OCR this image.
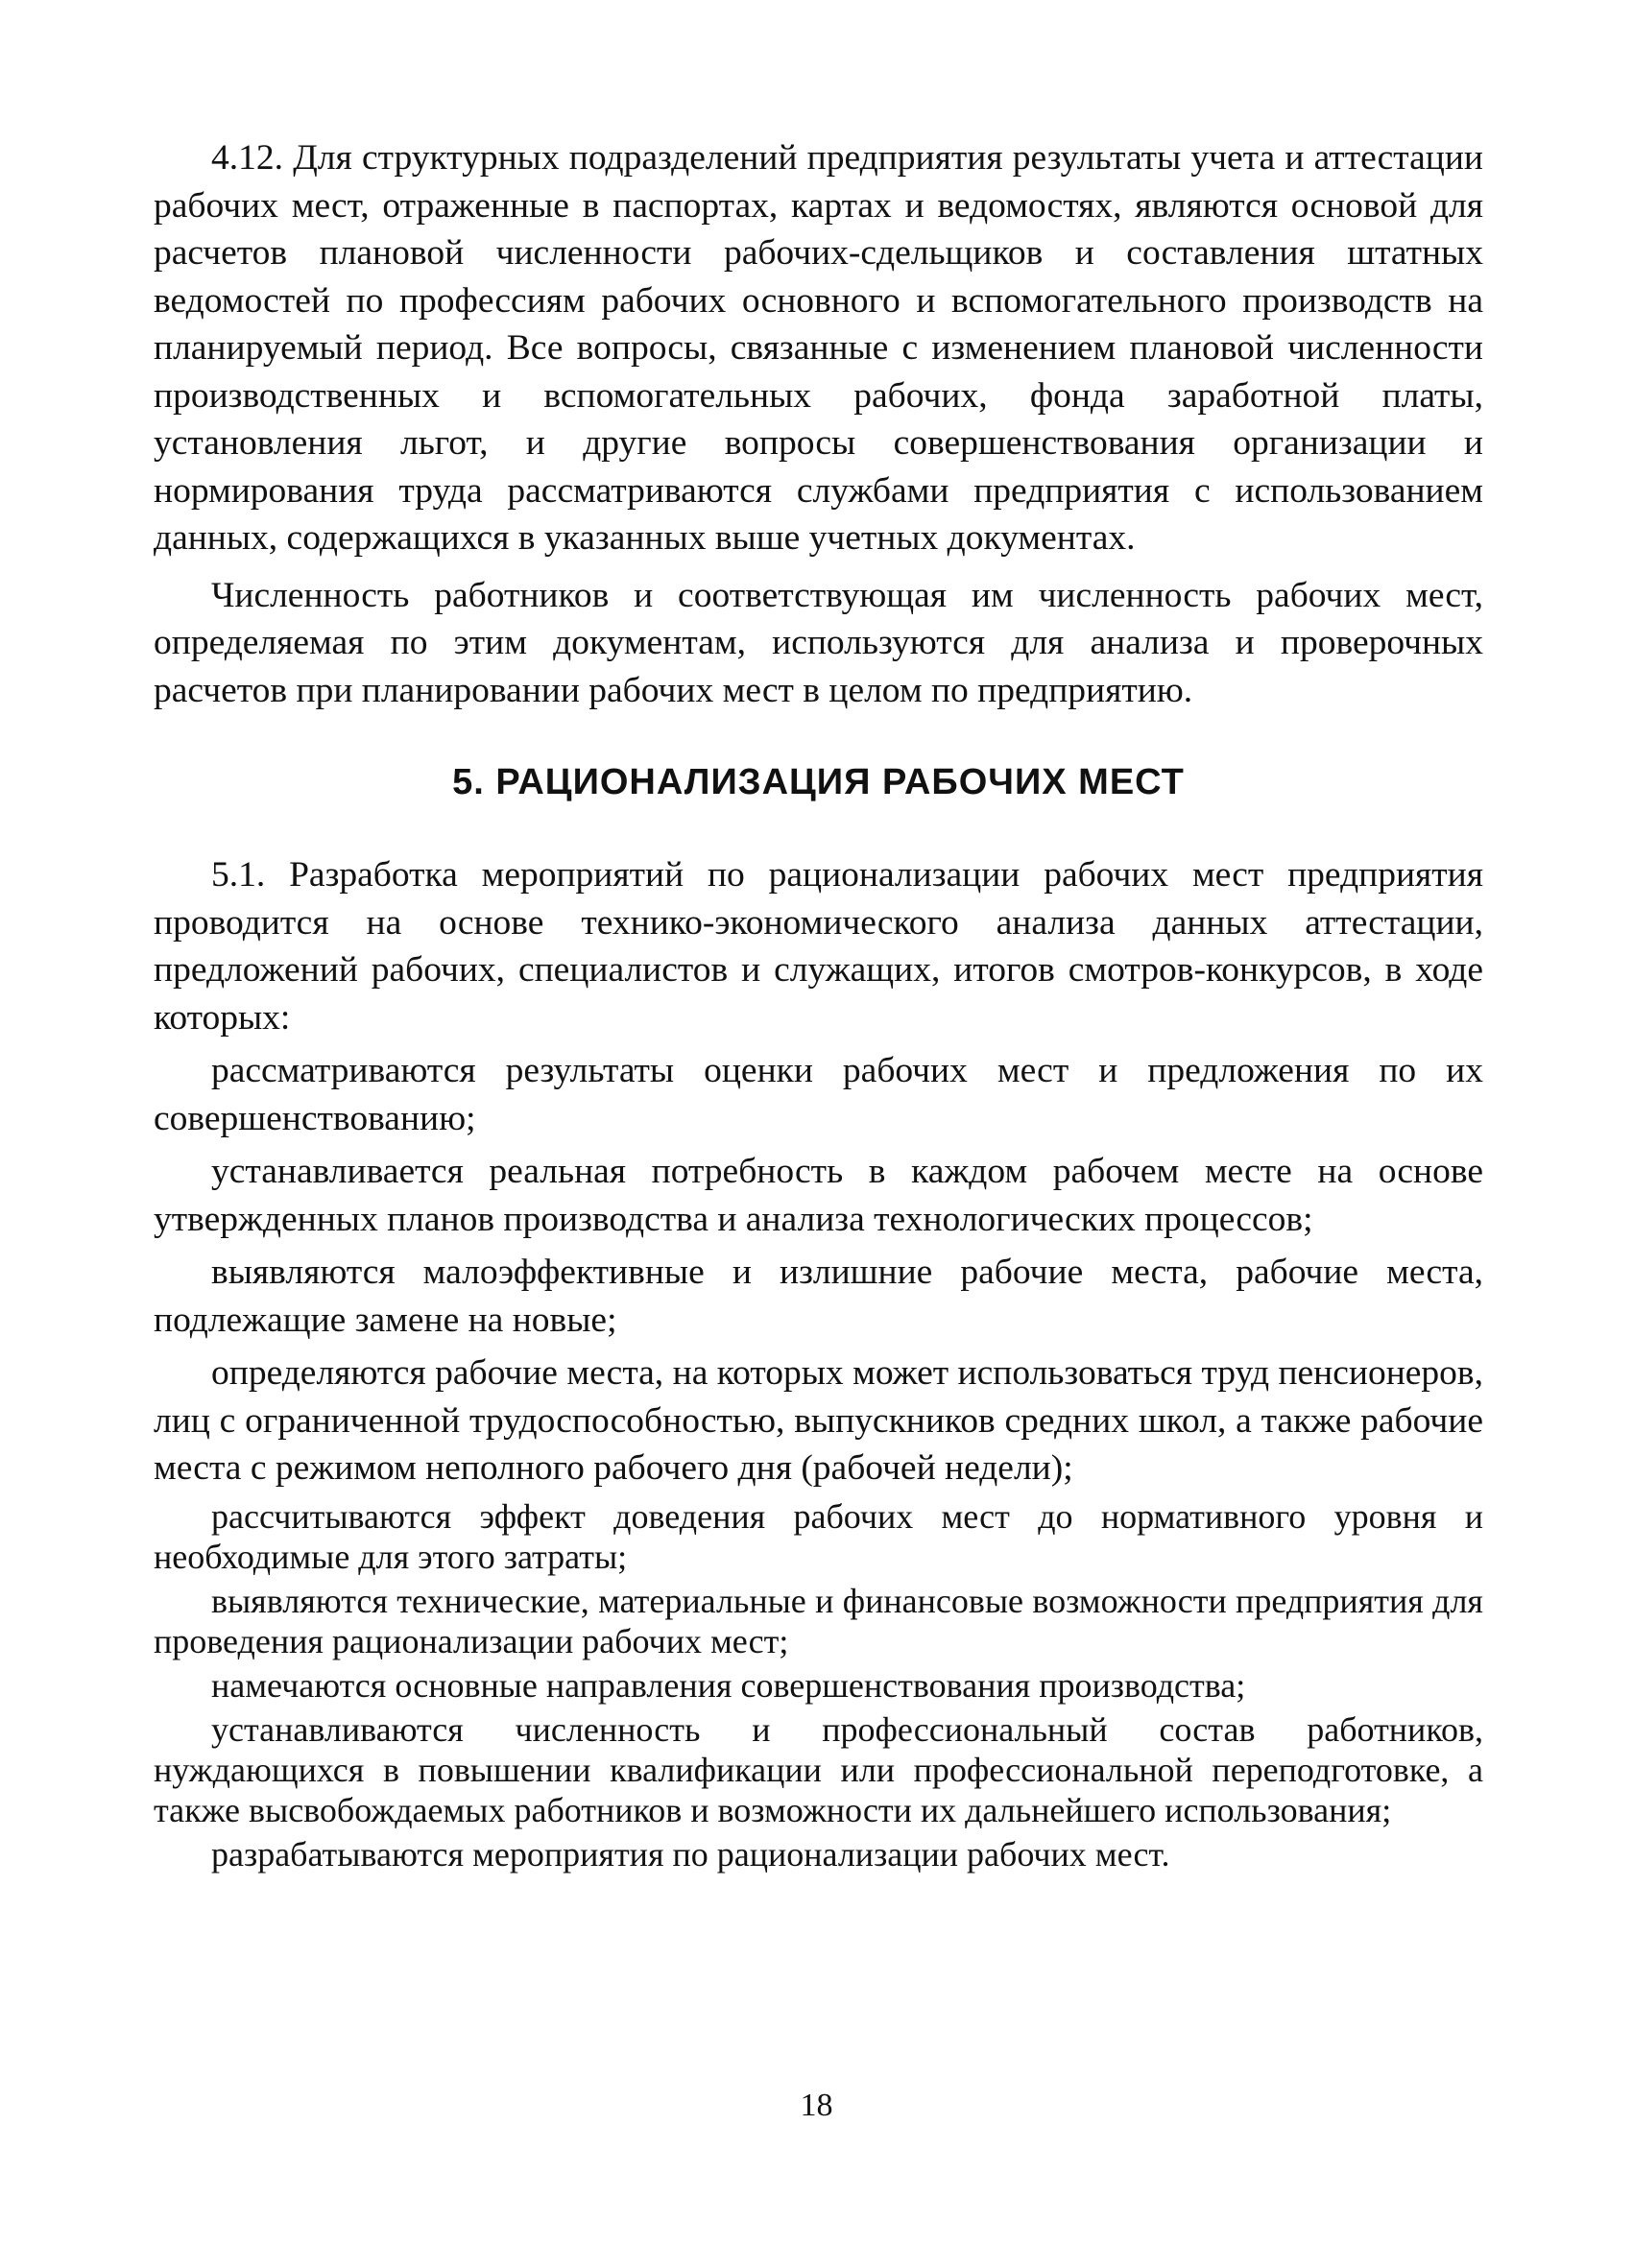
4.12. Для структурных подразделений предприятия результаты учета и аттестации рабочих мест, отраженные в паспортах, картах и ведомостях, являются основой для расчетов плановой численности рабочих-сдельщиков и составления штатных ведомостей по профессиям рабочих основного и вспомогательного производств на планируемый период. Все вопросы, связанные с изменением плановой численности производственных и вспомогательных рабочих, фонда заработной платы, установления льгот, и другие вопросы совершенствования организации и нормирования труда рассматриваются службами предприятия с использованием данных, содержащихся в указанных выше учетных документах.

Численность работников и соответствующая им численность рабочих мест, определяемая по этим документам, используются для анализа и проверочных расчетов при планировании рабочих мест в целом по предприятию.

5. РАЦИОНАЛИЗАЦИЯ РАБОЧИХ МЕСТ

5.1. Разработка мероприятий по рационализации рабочих мест предприятия проводится на основе технико-экономического анализа данных аттестации, предложений рабочих, специалистов и служащих, итогов смотров-конкурсов, в ходе которых:

рассматриваются результаты оценки рабочих мест и предложения по их совершенствованию;

устанавливается реальная потребность в каждом рабочем месте на основе утвержденных планов производства и анализа технологических процессов;

выявляются малоэффективные и излишние рабочие места, рабочие места, подлежащие замене на новые;

определяются рабочие места, на которых может использоваться труд пенсионеров, лиц с ограниченной трудоспособностью, выпускников средних школ, а также рабочие места с режимом неполного рабочего дня (рабочей недели);

рассчитываются эффект доведения рабочих мест до нормативного уровня и необходимые для этого затраты;

выявляются технические, материальные и финансовые возможности предприятия для проведения рационализации рабочих мест;

намечаются основные направления совершенствования производства;

устанавливаются численность и профессиональный состав работников, нуждающихся в повышении квалификации или профессиональной переподготовке, а также высвобождаемых работников и возможности их дальнейшего использования;

разрабатываются мероприятия по рационализации рабочих мест.

18
